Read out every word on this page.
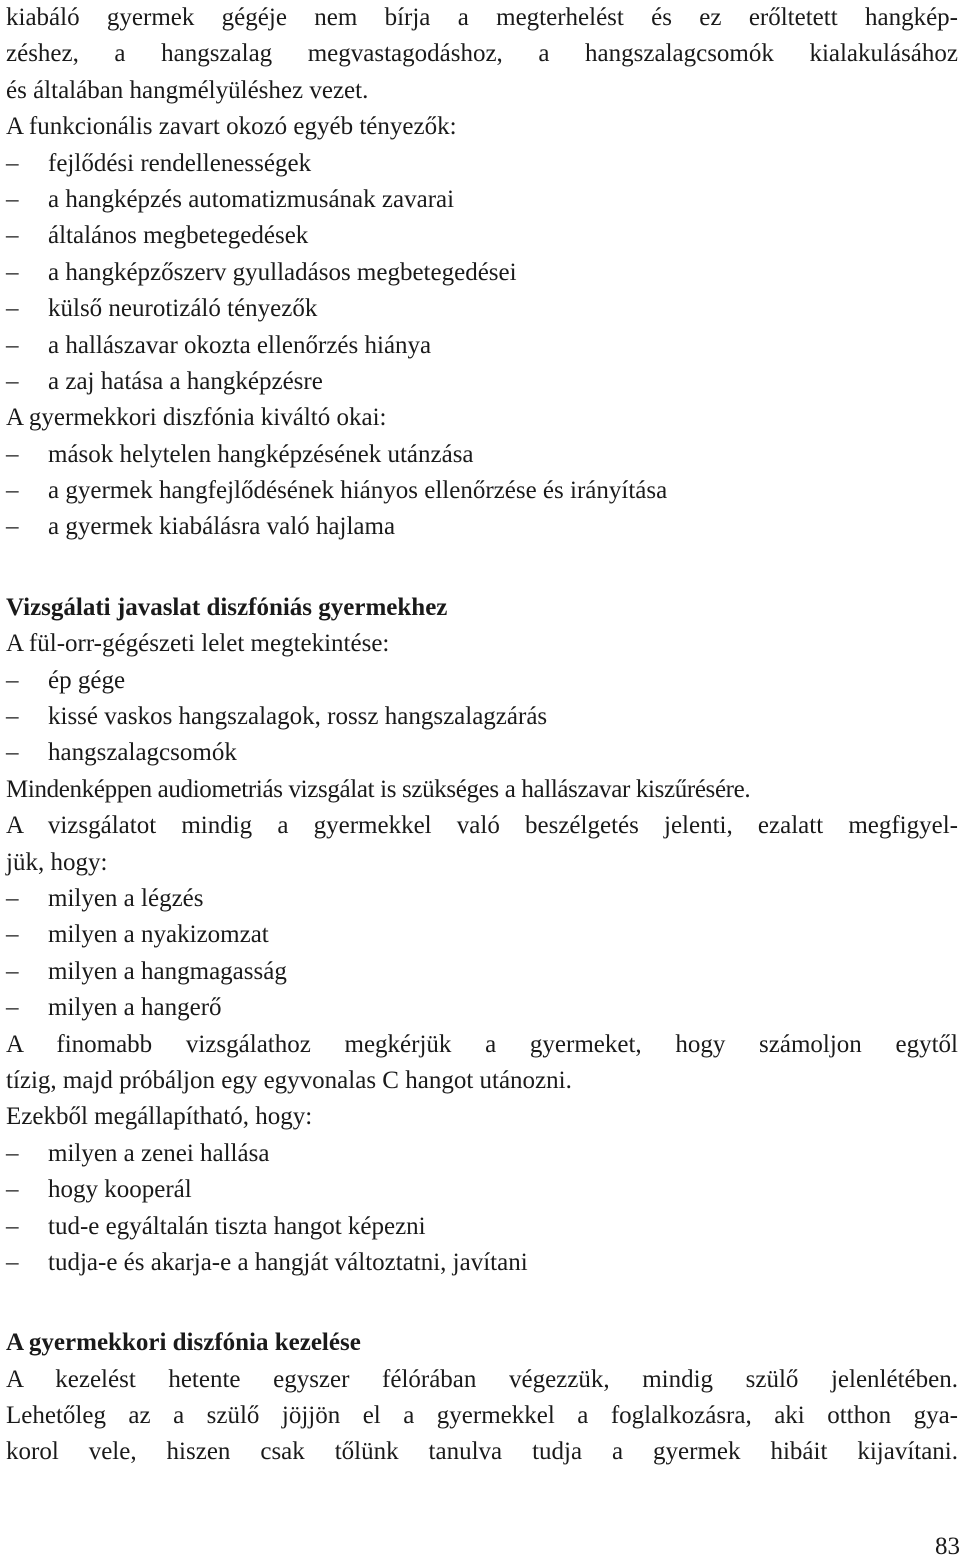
kiabáló gyermek gégéje nem bírja a megterhelést és ez erőltetett hangkép-
zéshez, a hangszalag megvastagodáshoz, a hangszalagcsomók kialakulásához
és általában hangmélyüléshez vezet.
A funkcionális zavart okozó egyéb tényezők:
–	fejlődési rendellenességek
–	a hangképzés automatizmusának zavarai
–	általános megbetegedések
–	a hangképzőszerv gyulladásos megbetegedései
–	külső neurotizáló tényezők
–	a hallászavar okozta ellenőrzés hiánya
–	a zaj hatása a hangképzésre
A gyermekkori diszfónia kiváltó okai:
–	mások helytelen hangképzésének utánzása
–	a gyermek hangfejlődésének hiányos ellenőrzése és irányítása
–	a gyermek kiabálásra való hajlama
Vizsgálati javaslat diszfóniás gyermekhez
A fül-orr-gégészeti lelet megtekintése:
–	ép gége
–	kissé vaskos hangszalagok, rossz hangszalagzárás
–	hangszalagcsomók
Mindenképpen audiometriás vizsgálat is szükséges a hallászavar kiszűrésére.
A vizsgálatot mindig a gyermekkel való beszélgetés jelenti, ezalatt megfigyel-
jük, hogy:
–	milyen a légzés
–	milyen a nyakizomzat
–	milyen a hangmagasság
–	milyen a hangerő
A finomabb vizsgálathoz megkérjük a gyermeket, hogy számoljon egytől
tízig, majd próbáljon egy egyvonalas C hangot utánozni.
Ezekből megállapítható, hogy:
–	milyen a zenei hallása
–	hogy kooperál
–	tud-e egyáltalán tiszta hangot képezni
–	tudja-e és akarja-e a hangját változtatni, javítani
A gyermekkori diszfónia kezelése
A kezelést hetente egyszer félórában végezzük, mindig szülő jelenlétében.
Lehetőleg az a szülő jöjjön el a gyermekkel a foglalkozásra, aki otthon gya-
korol vele, hiszen csak tőlünk tanulva tudja a gyermek hibáit kijavítani.
83
